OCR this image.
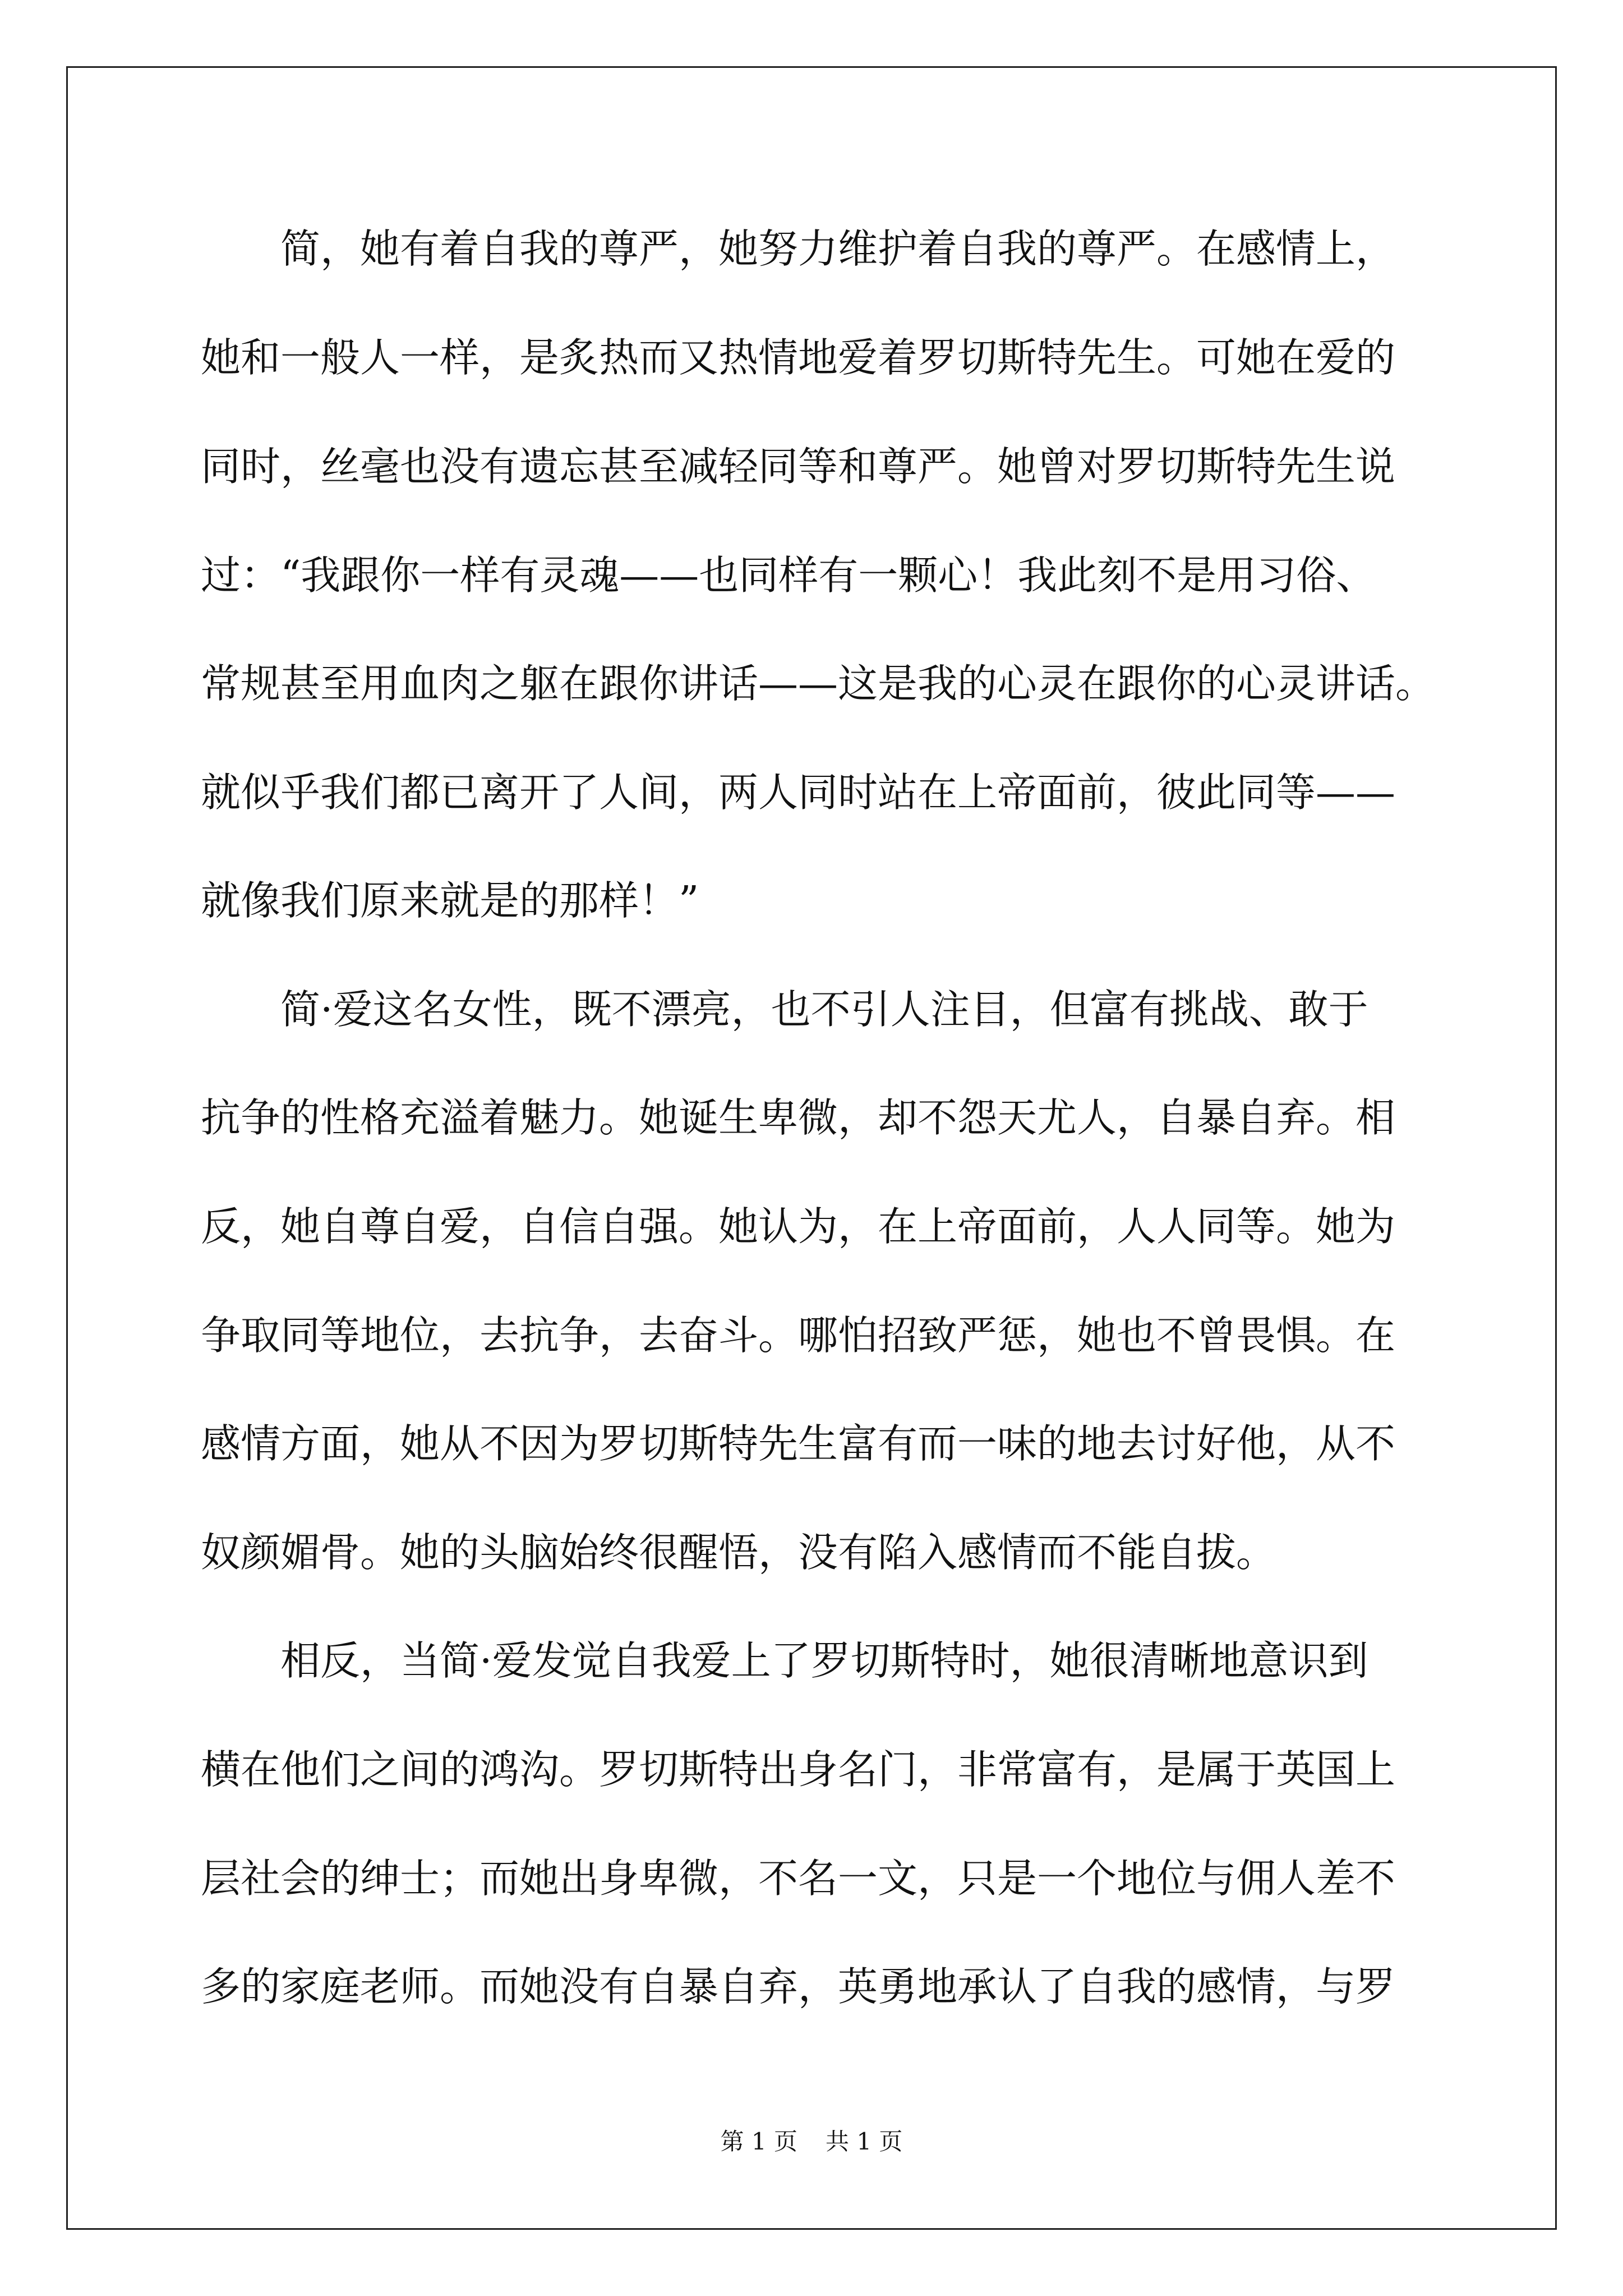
简，她有着自我的尊严，她努力维护着自我的尊严。在感情上，
她和一般人一样，是炙热而又热情地爱着罗切斯特先生。可她在爱的
同时，丝毫也没有遗忘甚至减轻同等和尊严。她曾对罗切斯特先生说
过：“我跟你一样有灵魂——也同样有一颗心！我此刻不是用习俗、
常规甚至用血肉之躯在跟你讲话——这是我的心灵在跟你的心灵讲话。
就似乎我们都已离开了人间，两人同时站在上帝面前，彼此同等——
就像我们原来就是的那样！”
简·爱这名女性，既不漂亮，也不引人注目，但富有挑战、敢于
抗争的性格充溢着魅力。她诞生卑微，却不怨天尤人，自暴自弃。相
反，她自尊自爱，自信自强。她认为，在上帝面前，人人同等。她为
争取同等地位，去抗争，去奋斗。哪怕招致严惩，她也不曾畏惧。在
感情方面，她从不因为罗切斯特先生富有而一味的地去讨好他，从不
奴颜媚骨。她的头脑始终很醒悟，没有陷入感情而不能自拔。
相反，当简·爱发觉自我爱上了罗切斯特时，她很清晰地意识到
横在他们之间的鸿沟。罗切斯特出身名门，非常富有，是属于英国上
层社会的绅士；而她出身卑微，不名一文，只是一个地位与佣人差不
多的家庭老师。而她没有自暴自弃，英勇地承认了自我的感情，与罗
第 1 页 共 1 页
